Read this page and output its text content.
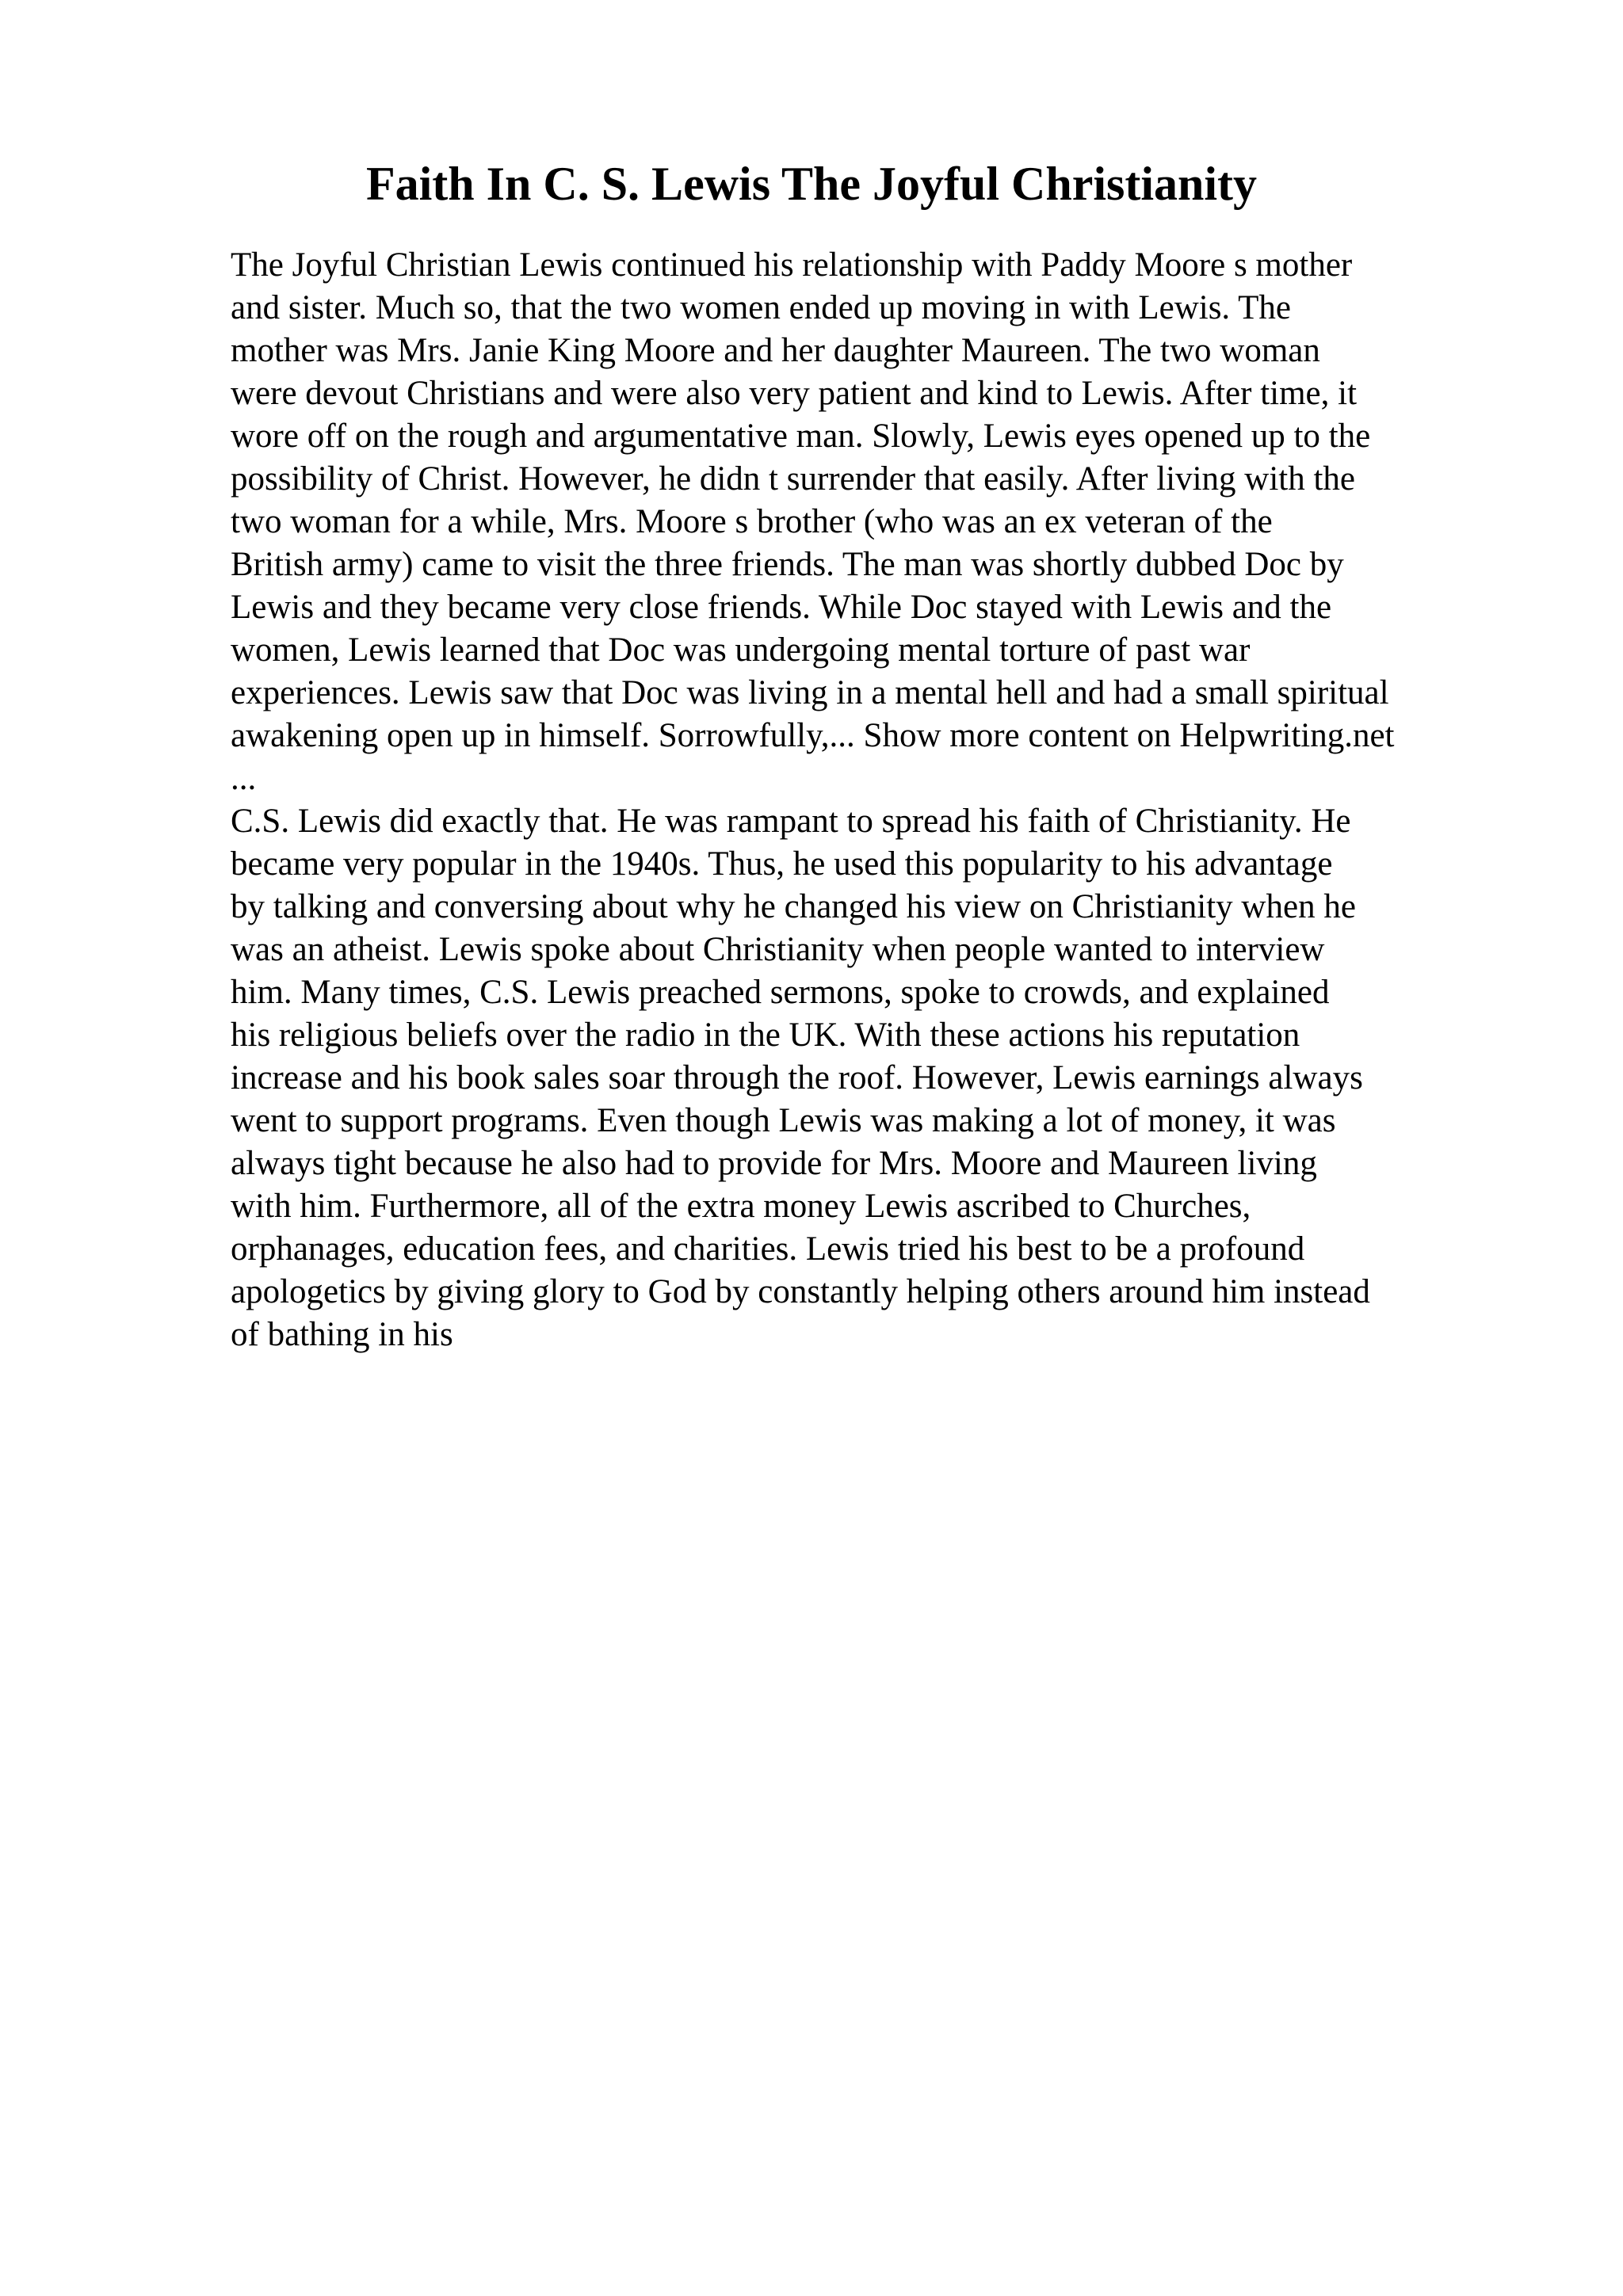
Faith In C. S. Lewis The Joyful Christianity
The Joyful Christian Lewis continued his relationship with Paddy Moore s mother
and sister. Much so, that the two women ended up moving in with Lewis. The
mother was Mrs. Janie King Moore and her daughter Maureen. The two woman
were devout Christians and were also very patient and kind to Lewis. After time, it
wore off on the rough and argumentative man. Slowly, Lewis eyes opened up to the
possibility of Christ. However, he didn t surrender that easily. After living with the
two woman for a while, Mrs. Moore s brother (who was an ex veteran of the
British army) came to visit the three friends. The man was shortly dubbed Doc by
Lewis and they became very close friends. While Doc stayed with Lewis and the
women, Lewis learned that Doc was undergoing mental torture of past war
experiences. Lewis saw that Doc was living in a mental hell and had a small spiritual
awakening open up in himself. Sorrowfully,... Show more content on Helpwriting.net
...
C.S. Lewis did exactly that. He was rampant to spread his faith of Christianity. He
became very popular in the 1940s. Thus, he used this popularity to his advantage
by talking and conversing about why he changed his view on Christianity when he
was an atheist. Lewis spoke about Christianity when people wanted to interview
him. Many times, C.S. Lewis preached sermons, spoke to crowds, and explained
his religious beliefs over the radio in the UK. With these actions his reputation
increase and his book sales soar through the roof. However, Lewis earnings always
went to support programs. Even though Lewis was making a lot of money, it was
always tight because he also had to provide for Mrs. Moore and Maureen living
with him. Furthermore, all of the extra money Lewis ascribed to Churches,
orphanages, education fees, and charities. Lewis tried his best to be a profound
apologetics by giving glory to God by constantly helping others around him instead
of bathing in his
